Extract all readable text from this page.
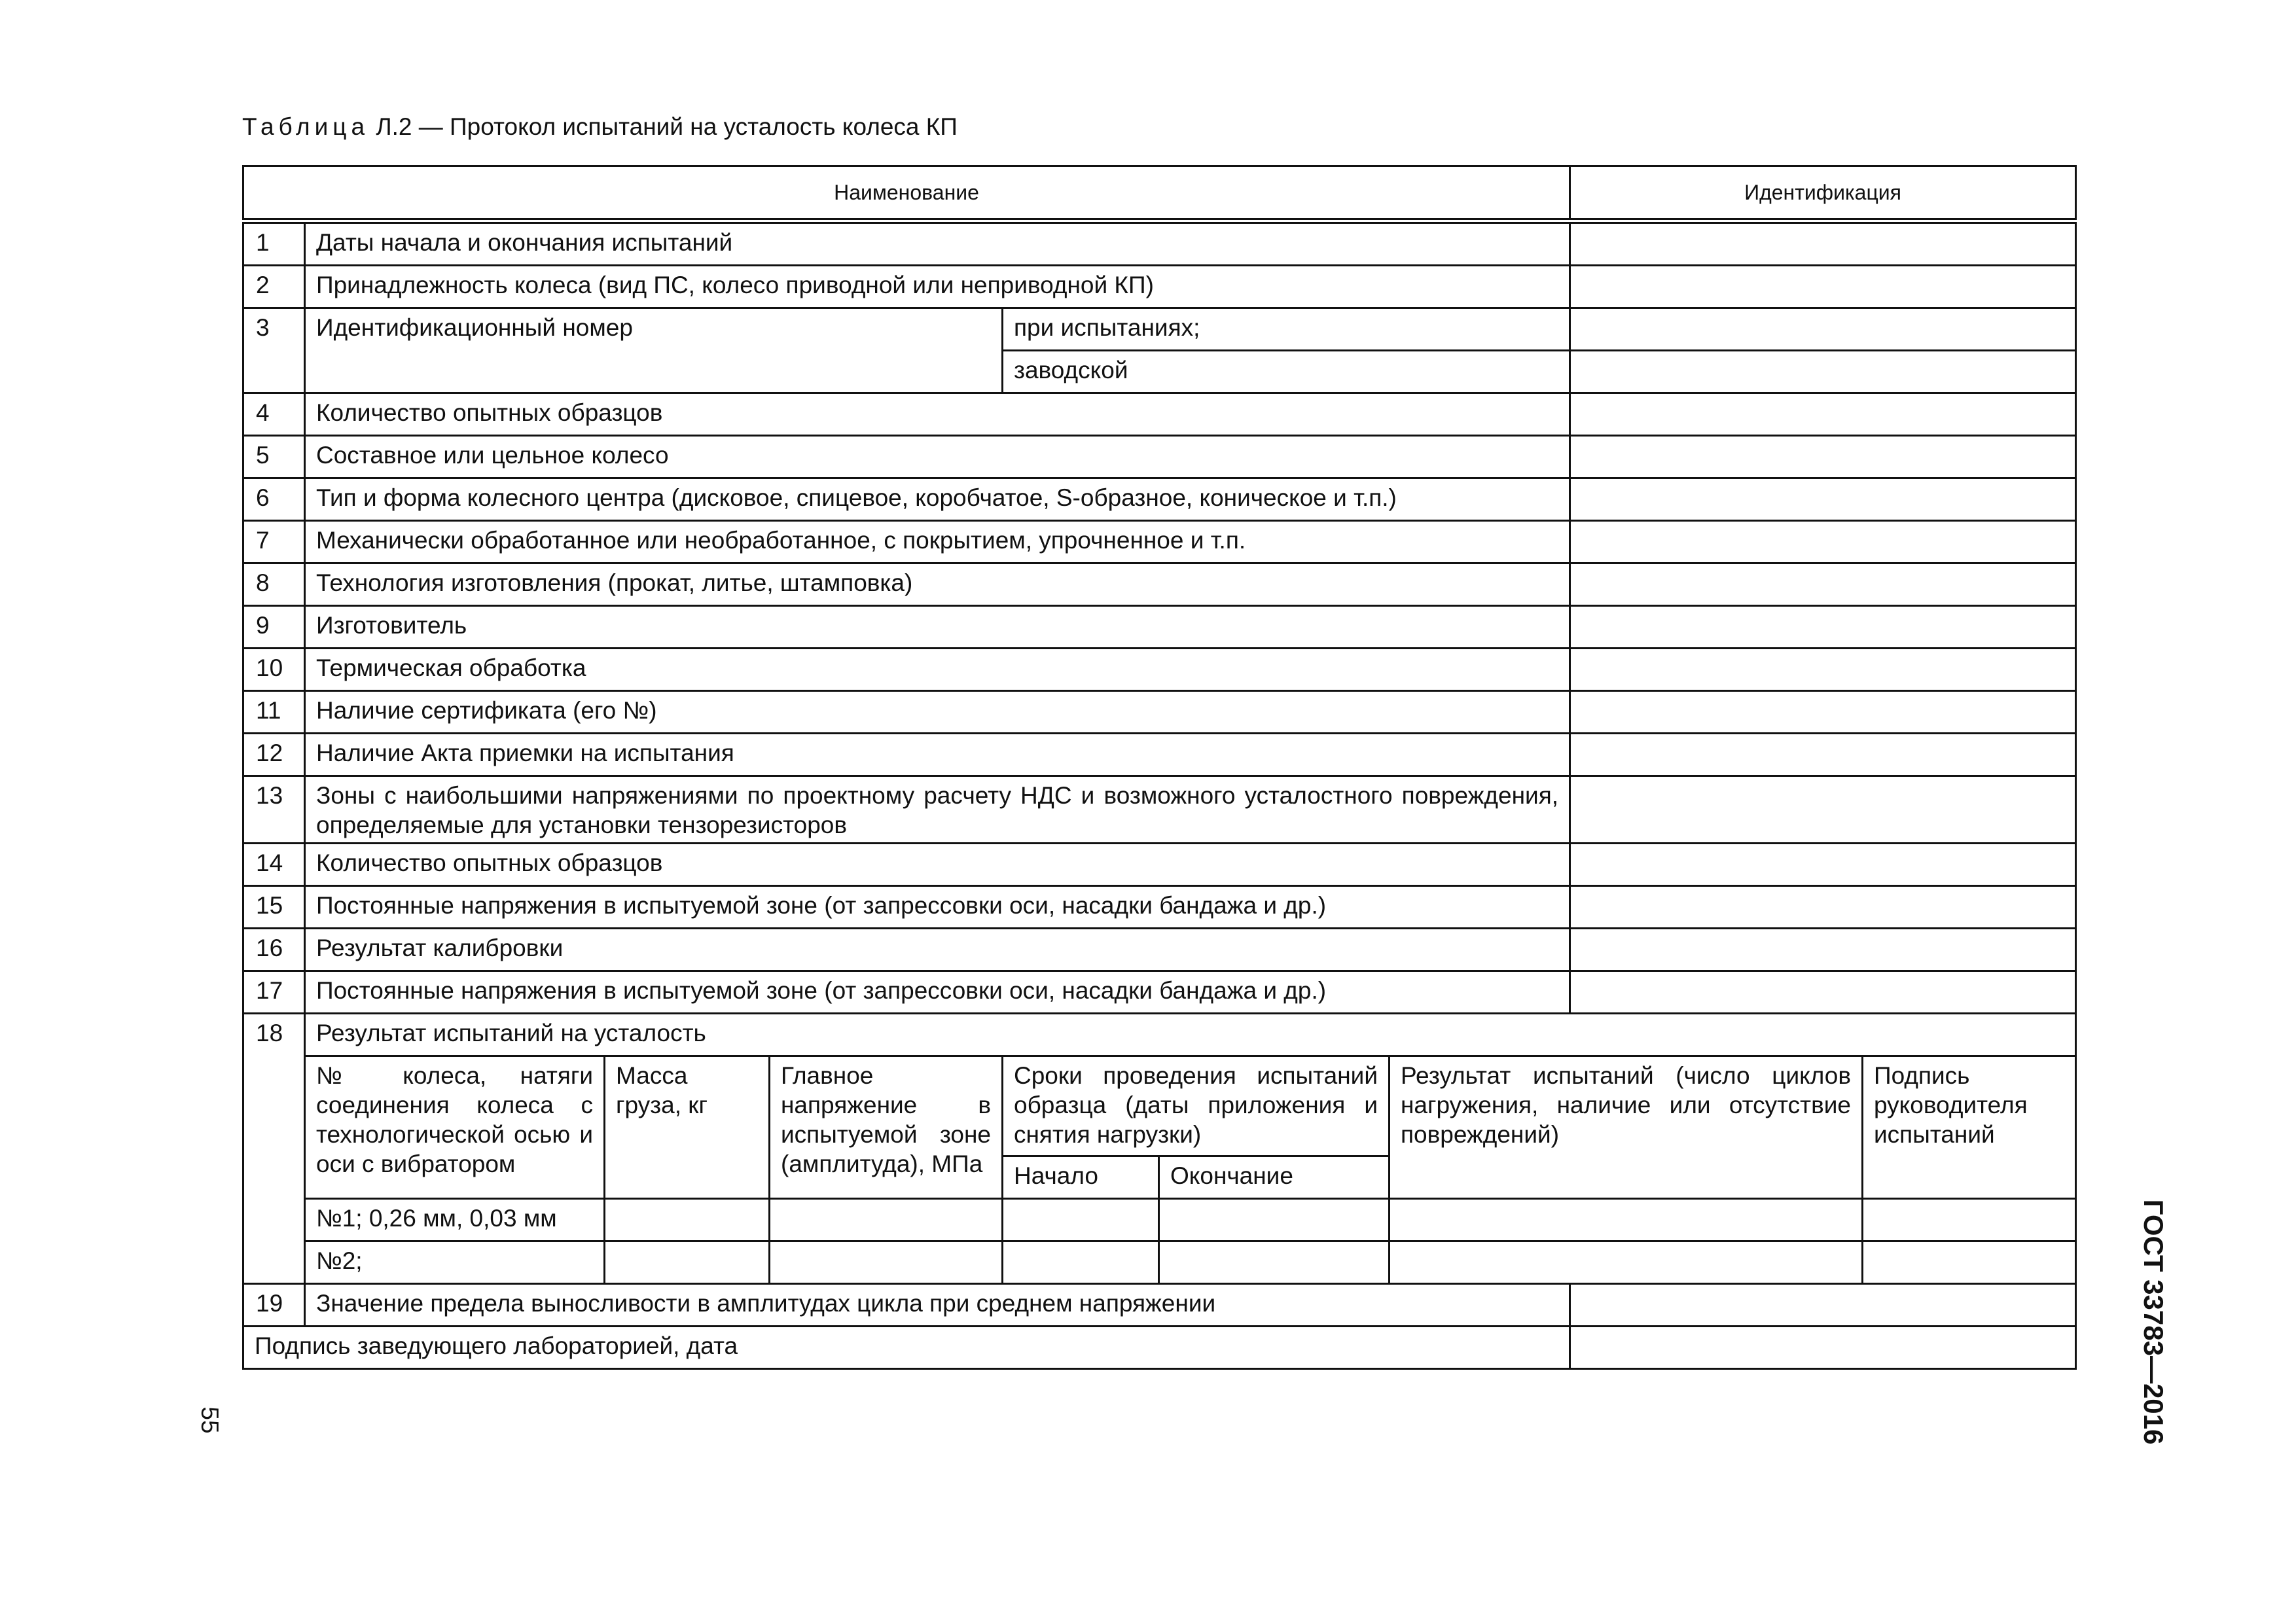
Таблица Л.2 — Протокол испытаний на усталость колеса КП
Наименование							Идентификация	
1	Даты начала и окончания испытаний							
2	Принадлежность колеса (вид ПС, колесо приводной или неприводной КП)							
3	Идентификационный номер			при испытаниях;				
				заводской				
4	Количество опытных образцов							
5	Составное или цельное колесо							
6	Тип и форма колесного центра (дисковое, спицевое, коробчатое, S-образное, коническое и т.п.)							
7	Механически обработанное или необработанное, с покрытием, упрочненное и т.п.							
8	Технология изготовления (прокат, литье, штамповка)							
9	Изготовитель							
10	Термическая обработка							
11	Наличие сертификата (его №)							
12	Наличие Акта приемки на испытания							
13	Зоны с наибольшими напряжениями по проектному расчету НДС и возможного усталостного повреждения, определяемые для установки тензорезисторов							
14	Количество опытных образцов							
15	Постоянные напряжения в испытуемой зоне (от запрессовки оси, насадки бандажа и др.)							
16	Результат калибровки							
17	Постоянные напряжения в испытуемой зоне (от запрессовки оси, насадки бандажа и др.)							
18	Результат испытаний на усталость							
	№ колеса, натяги соединения колеса с технологической осью и оси с вибратором	Масса груза, кг	Главное напряжение в испытуемой зоне (амплитуда), МПа	Сроки проведения испытаний образца (даты приложения и снятия нагрузки)		Результат испытаний (число циклов нагружения, наличие или отсутствие повреждений)		Подпись руководителя испытаний
				Начало	Окончание			
	№1; 0,26 мм, 0,03 мм							
	№2;							
19	Значение предела выносливости в амплитудах цикла при среднем напряжении							
Подпись заведующего лабораторией, дата									ГОСТ 33783—2016
55
